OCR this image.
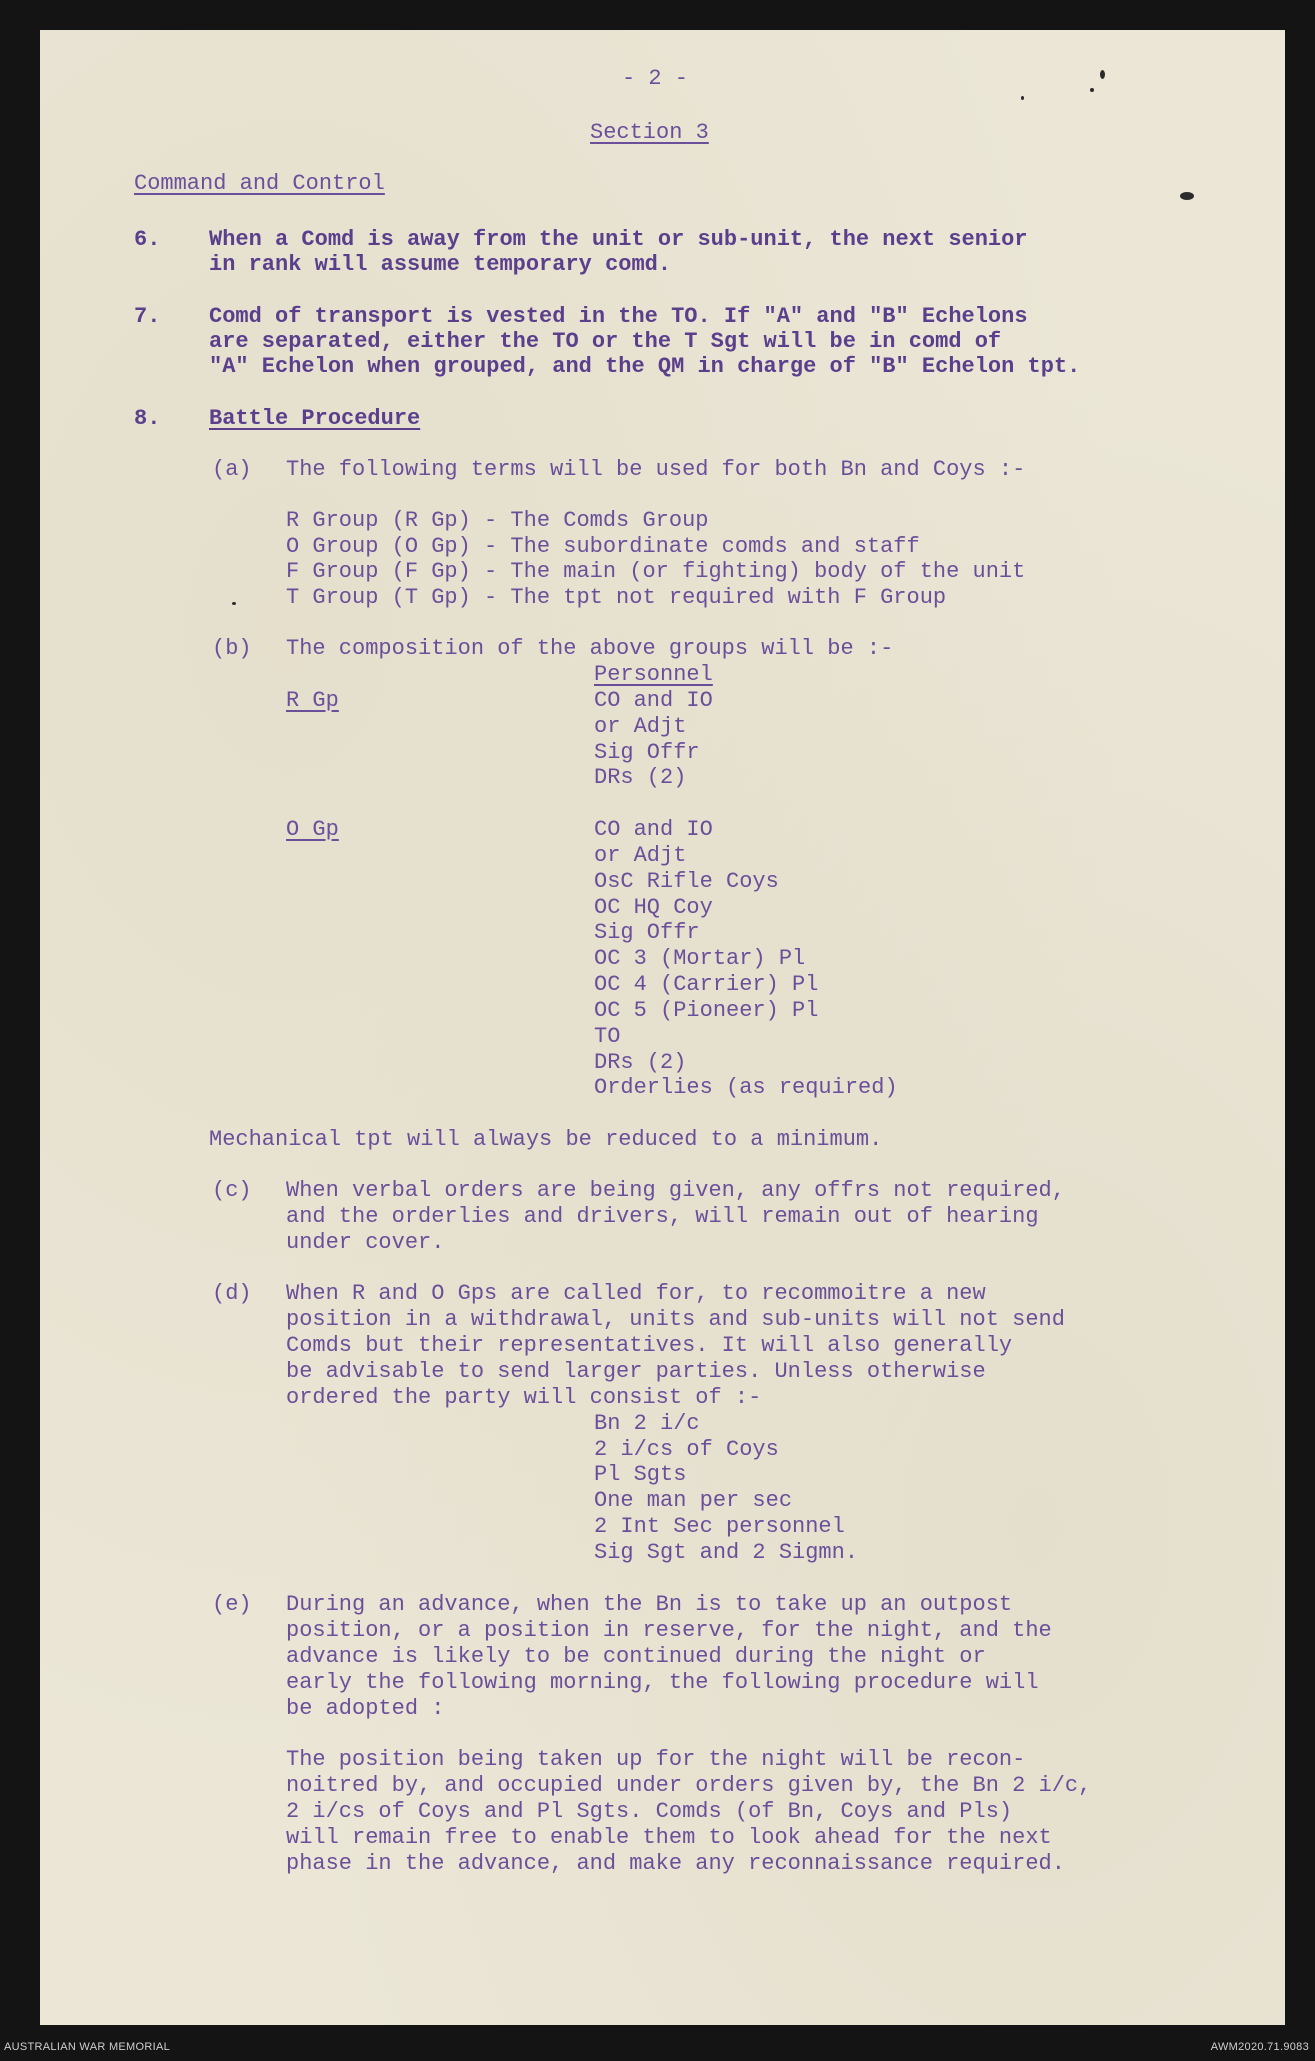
- 2 -
Section 3
Command and Control
6. When a Comd is away from the unit or sub-unit, the next senior
in rank will assume temporary comd.
7. Comd of transport is vested in the TO. If "A" and "B" Echelons
are separated, either the TO or the T Sgt will be in comd of
"A" Echelon when grouped, and the QM in charge of "B" Echelon tpt.
8. Battle Procedure
(a) The following terms will be used for both Bn and Coys :-
R Group (R Gp) - The Comds Group
O Group (O Gp) - The subordinate comds and staff
F Group (F Gp) - The main (or fighting) body of the unit
T Group (T Gp) - The tpt not required with F Group
(b) The composition of the above groups will be :-
Personnel
R Gp	CO and IO
or Adjt
Sig Offr
DRs (2)
O Gp	CO and IO
or Adjt
OsC Rifle Coys
OC HQ Coy
Sig Offr
OC 3 (Mortar) Pl
OC 4 (Carrier) Pl
OC 5 (Pioneer) Pl
TO
DRs (2)
Orderlies (as required)
Mechanical tpt will always be reduced to a minimum.
(c) When verbal orders are being given, any offrs not required,
and the orderlies and drivers, will remain out of hearing
under cover.
(d) When R and O Gps are called for, to recommoitre a new
position in a withdrawal, units and sub-units will not send
Comds but their representatives. It will also generally
be advisable to send larger parties. Unless otherwise
ordered the party will consist of :-
Bn 2 i/c
2 i/cs of Coys
Pl Sgts
One man per sec
2 Int Sec personnel
Sig Sgt and 2 Sigmn.
(e) During an advance, when the Bn is to take up an outpost
position, or a position in reserve, for the night, and the
advance is likely to be continued during the night or
early the following morning, the following procedure will
be adopted :
The position being taken up for the night will be recon-
noitred by, and occupied under orders given by, the Bn 2 i/c,
2 i/cs of Coys and Pl Sgts. Comds (of Bn, Coys and Pls)
will remain free to enable them to look ahead for the next
phase in the advance, and make any reconnaissance required.
AUSTRALIAN WAR MEMORIAL	AWM2020.71.9083
